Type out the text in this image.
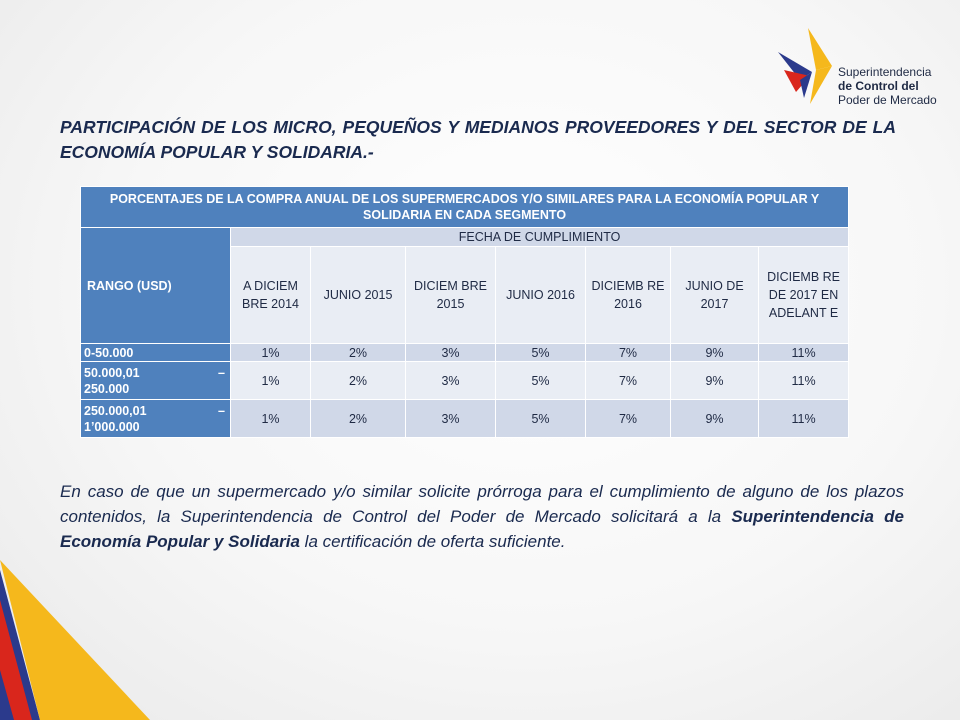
Superintendencia
de Control del
Poder de Mercado
PARTICIPACIÓN DE LOS MICRO, PEQUEÑOS Y MEDIANOS PROVEEDORES Y DEL SECTOR DE LA ECONOMÍA POPULAR Y SOLIDARIA.-
PORCENTAJES DE LA COMPRA ANUAL DE LOS SUPERMERCADOS Y/O SIMILARES PARA LA ECONOMÍA POPULAR Y SOLIDARIA EN CADA SEGMENTO							
RANGO (USD)	FECHA DE CUMPLIMIENTO						
	A DICIEM BRE 2014	JUNIO 2015	DICIEM BRE 2015	JUNIO 2016	DICIEMB RE 2016	JUNIO DE 2017	DICIEMB RE DE 2017 EN ADELANT E
0-50.000	1%	2%	3%	5%	7%	9%	11%

50.000,01 –
250.000	1%	2%	3%	5%	7%	9%	11%

250.000,01 –
1’000.000	1%	2%	3%	5%	7%	9%	11%
En caso de que un supermercado y/o similar solicite prórroga para el cumplimiento de alguno de los plazos contenidos, la Superintendencia de Control del Poder de Mercado solicitará a la Superintendencia de Economía Popular y Solidaria la certificación de oferta suficiente.
